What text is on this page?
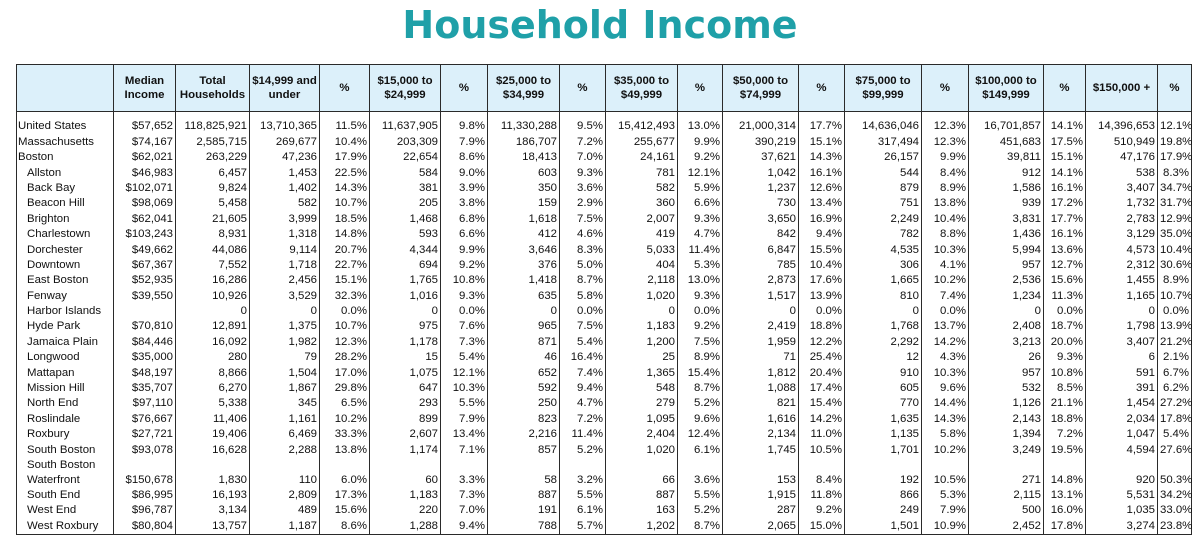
Household Income
	Median Income	Total Households	$14,999 and under	%	$15,000 to $24,999	%	$25,000 to $34,999	%	$35,000 to $49,999	%	$50,000 to $74,999	%	$75,000 to $99,999	%	$100,000 to $149,999	%	$150,000 +	%
United States	$57,652	118,825,921	13,710,365	11.5%	11,637,905	9.8%	11,330,288	9.5%	15,412,493	13.0%	21,000,314	17.7%	14,636,046	12.3%	16,701,857	14.1%	14,396,653	12.1%
Massachusetts	$74,167	2,585,715	269,677	10.4%	203,309	7.9%	186,707	7.2%	255,677	9.9%	390,219	15.1%	317,494	12.3%	451,683	17.5%	510,949	19.8%
Boston	$62,021	263,229	47,236	17.9%	22,654	8.6%	18,413	7.0%	24,161	9.2%	37,621	14.3%	26,157	9.9%	39,811	15.1%	47,176	17.9%
Allston	$46,983	6,457	1,453	22.5%	584	9.0%	603	9.3%	781	12.1%	1,042	16.1%	544	8.4%	912	14.1%	538	8.3%
Back Bay	$102,071	9,824	1,402	14.3%	381	3.9%	350	3.6%	582	5.9%	1,237	12.6%	879	8.9%	1,586	16.1%	3,407	34.7%
Beacon Hill	$98,069	5,458	582	10.7%	205	3.8%	159	2.9%	360	6.6%	730	13.4%	751	13.8%	939	17.2%	1,732	31.7%
Brighton	$62,041	21,605	3,999	18.5%	1,468	6.8%	1,618	7.5%	2,007	9.3%	3,650	16.9%	2,249	10.4%	3,831	17.7%	2,783	12.9%
Charlestown	$103,243	8,931	1,318	14.8%	593	6.6%	412	4.6%	419	4.7%	842	9.4%	782	8.8%	1,436	16.1%	3,129	35.0%
Dorchester	$49,662	44,086	9,114	20.7%	4,344	9.9%	3,646	8.3%	5,033	11.4%	6,847	15.5%	4,535	10.3%	5,994	13.6%	4,573	10.4%
Downtown	$67,367	7,552	1,718	22.7%	694	9.2%	376	5.0%	404	5.3%	785	10.4%	306	4.1%	957	12.7%	2,312	30.6%
East Boston	$52,935	16,286	2,456	15.1%	1,765	10.8%	1,418	8.7%	2,118	13.0%	2,873	17.6%	1,665	10.2%	2,536	15.6%	1,455	8.9%
Fenway	$39,550	10,926	3,529	32.3%	1,016	9.3%	635	5.8%	1,020	9.3%	1,517	13.9%	810	7.4%	1,234	11.3%	1,165	10.7%
Harbor Islands		0	0	0.0%	0	0.0%	0	0.0%	0	0.0%	0	0.0%	0	0.0%	0	0.0%	0	0.0%
Hyde Park	$70,810	12,891	1,375	10.7%	975	7.6%	965	7.5%	1,183	9.2%	2,419	18.8%	1,768	13.7%	2,408	18.7%	1,798	13.9%
Jamaica Plain	$84,446	16,092	1,982	12.3%	1,178	7.3%	871	5.4%	1,200	7.5%	1,959	12.2%	2,292	14.2%	3,213	20.0%	3,407	21.2%
Longwood	$35,000	280	79	28.2%	15	5.4%	46	16.4%	25	8.9%	71	25.4%	12	4.3%	26	9.3%	6	2.1%
Mattapan	$48,197	8,866	1,504	17.0%	1,075	12.1%	652	7.4%	1,365	15.4%	1,812	20.4%	910	10.3%	957	10.8%	591	6.7%
Mission Hill	$35,707	6,270	1,867	29.8%	647	10.3%	592	9.4%	548	8.7%	1,088	17.4%	605	9.6%	532	8.5%	391	6.2%
North End	$97,110	5,338	345	6.5%	293	5.5%	250	4.7%	279	5.2%	821	15.4%	770	14.4%	1,126	21.1%	1,454	27.2%
Roslindale	$76,667	11,406	1,161	10.2%	899	7.9%	823	7.2%	1,095	9.6%	1,616	14.2%	1,635	14.3%	2,143	18.8%	2,034	17.8%
Roxbury	$27,721	19,406	6,469	33.3%	2,607	13.4%	2,216	11.4%	2,404	12.4%	2,134	11.0%	1,135	5.8%	1,394	7.2%	1,047	5.4%
South Boston	$93,078	16,628	2,288	13.8%	1,174	7.1%	857	5.2%	1,020	6.1%	1,745	10.5%	1,701	10.2%	3,249	19.5%	4,594	27.6%
South Boston Waterfront	$150,678	1,830	110	6.0%	60	3.3%	58	3.2%	66	3.6%	153	8.4%	192	10.5%	271	14.8%	920	50.3%
South End	$86,995	16,193	2,809	17.3%	1,183	7.3%	887	5.5%	887	5.5%	1,915	11.8%	866	5.3%	2,115	13.1%	5,531	34.2%
West End	$96,787	3,134	489	15.6%	220	7.0%	191	6.1%	163	5.2%	287	9.2%	249	7.9%	500	16.0%	1,035	33.0%
West Roxbury	$80,804	13,757	1,187	8.6%	1,288	9.4%	788	5.7%	1,202	8.7%	2,065	15.0%	1,501	10.9%	2,452	17.8%	3,274	23.8%
